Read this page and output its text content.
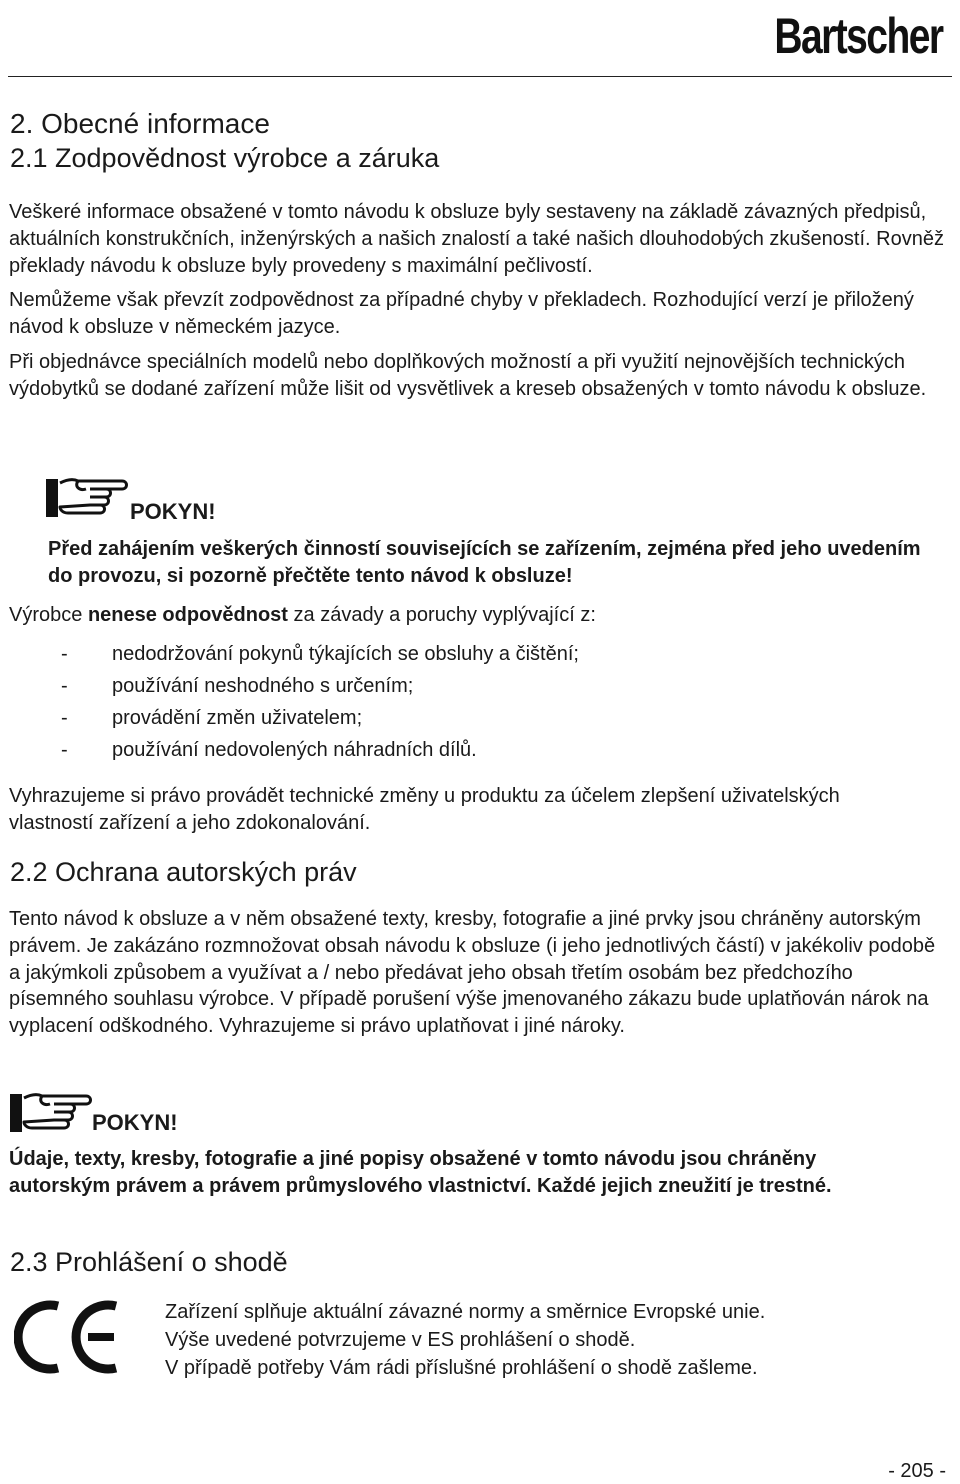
Bartscher
2. Obecné informace
2.1 Zodpovědnost výrobce a záruka

Veškeré informace obsažené v tomto návodu k obsluze byly sestaveny na základě závazných předpisů, aktuálních konstrukčních, inženýrských a našich znalostí a také našich dlouhodobých zkušeností. Rovněž překlady návodu k obsluze byly provedeny s maximální pečlivostí.

Nemůžeme však převzít zodpovědnost za případné chyby v překladech. Rozhodující verzí je přiložený návod k obsluze v německém jazyce.

Při objednávce speciálních modelů nebo doplňkových možností a při využití nejnovějších technických výdobytků se dodané zařízení může lišit od vysvětlivek a kreseb obsažených v tomto návodu k obsluze.

POKYN!
Před zahájením veškerých činností souvisejících se zařízením, zejména před jeho uvedením do provozu, si pozorně přečtěte tento návod k obsluze!
Výrobce nenese odpovědnost za závady a poruchy vyplývající z:
- nedodržování pokynů týkajících se obsluhy a čištění;
- používání neshodného s určením;
- provádění změn uživatelem;
- používání nedovolených náhradních dílů.
Vyhrazujeme si právo provádět technické změny u produktu za účelem zlepšení uživatelských vlastností zařízení a jeho zdokonalování.
2.2 Ochrana autorských práv
Tento návod k obsluze a v něm obsažené texty, kresby, fotografie a jiné prvky jsou chráněny autorským právem. Je zakázáno rozmnožovat obsah návodu k obsluze (i jeho jednotlivých částí) v jakékoliv podobě a jakýmkoli způsobem a využívat a / nebo předávat jeho obsah třetím osobám bez předchozího písemného souhlasu výrobce. V případě porušení výše jmenovaného zákazu bude uplatňován nárok na vyplacení odškodného. Vyhrazujeme si právo uplatňovat i jiné nároky.
POKYN!
Údaje, texty, kresby, fotografie a jiné popisy obsažené v tomto návodu jsou chráněny autorským právem a právem průmyslového vlastnictví. Každé jejich zneužití je trestné.
2.3 Prohlášení o shodě

Zařízení splňuje aktuální závazné normy a směrnice Evropské unie.

Výše uvedené potvrzujeme v ES prohlášení o shodě.

V případě potřeby Vám rádi příslušné prohlášení o shodě zašleme.

- 205 -
